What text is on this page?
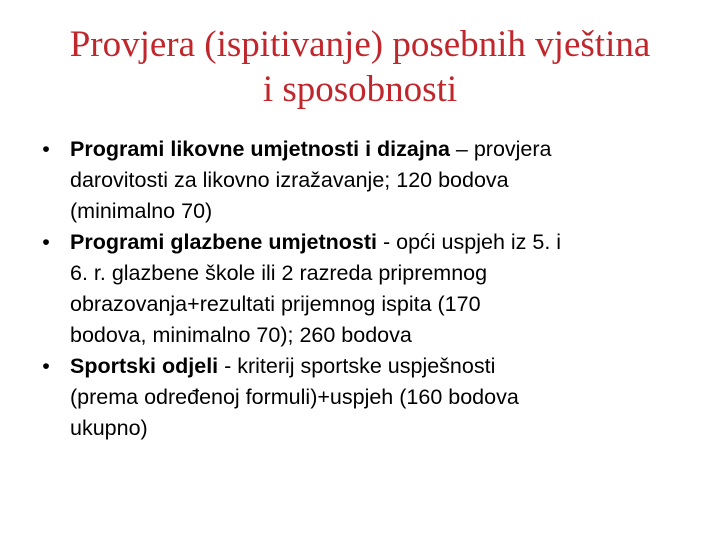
Provjera (ispitivanje) posebnih vještina
i sposobnosti
• Programi likovne umjetnosti i dizajna – provjera
darovitosti za likovno izražavanje; 120 bodova
(minimalno 70)
• Programi glazbene umjetnosti - opći uspjeh iz 5. i
6. r. glazbene škole ili 2 razreda pripremnog
obrazovanja+rezultati prijemnog ispita (170
bodova, minimalno 70); 260 bodova
• Sportski odjeli - kriterij sportske uspješnosti
(prema određenoj formuli)+uspjeh (160 bodova
ukupno)
